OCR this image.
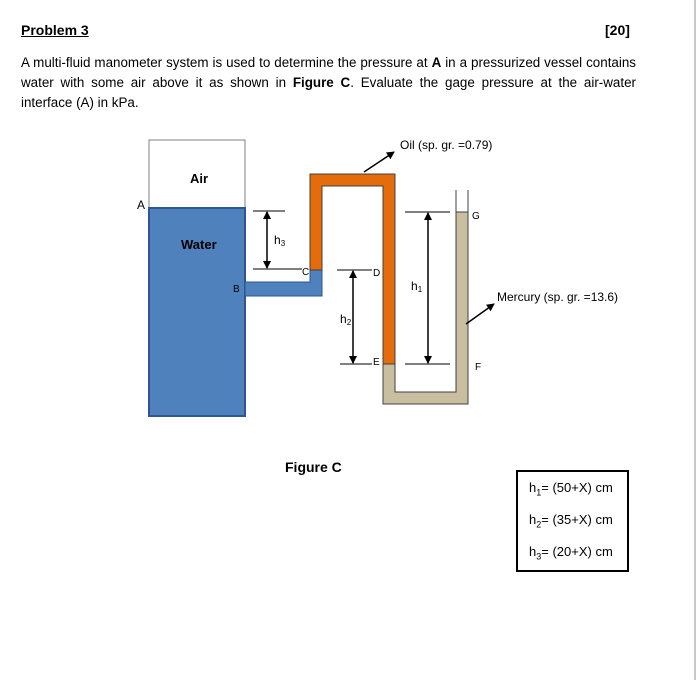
Problem 3	[20]
A multi-fluid manometer system is used to determine the pressure at A in a pressurized vessel contains water with some air above it as shown in Figure C. Evaluate the gage pressure at the air-water interface (A) in kPa.
Air
Water
A
B
C	D
E	F
G
h3
h2
h1
Oil (sp. gr. =0.79)
Mercury (sp. gr. =13.6)
Figure C
$h_1= (50+X)$ cm
$h_2= (35+X)$ cm
$h_3= (20+X)$ cm
